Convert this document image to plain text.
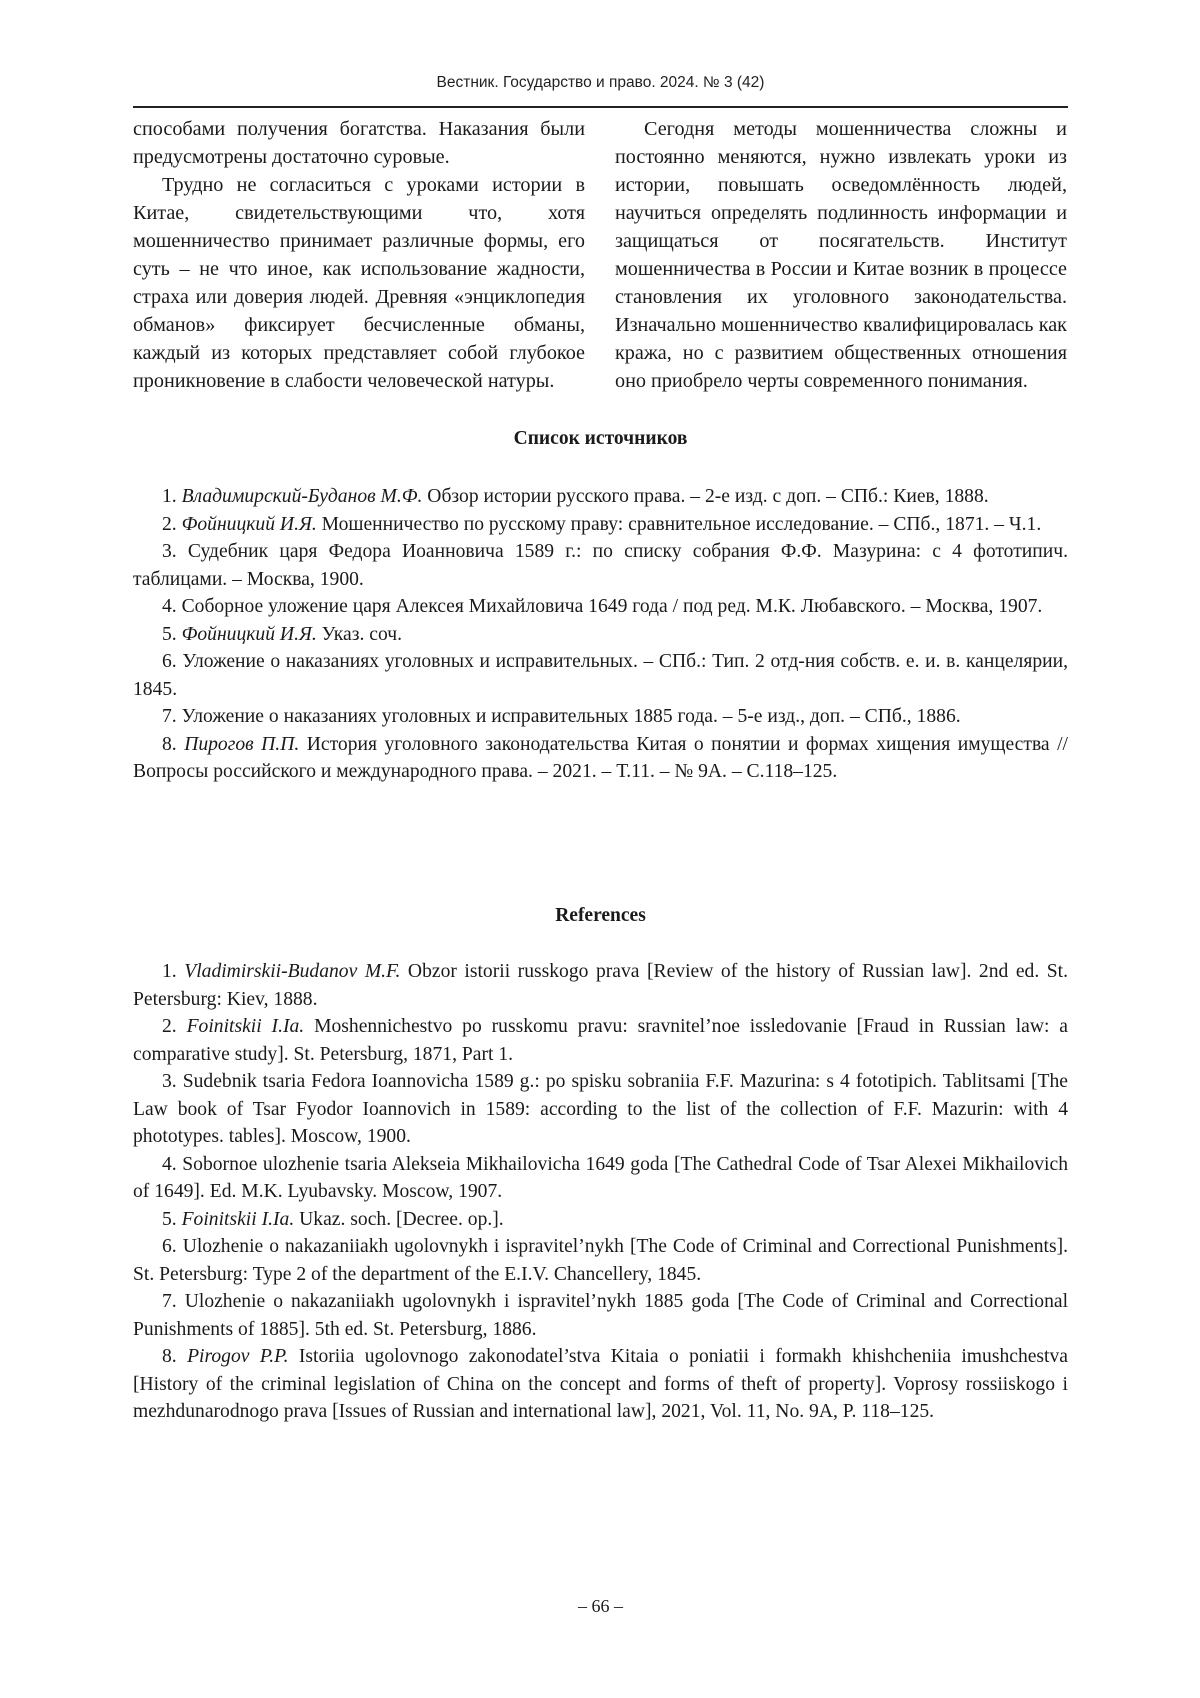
Вестник. Государство и право. 2024. № 3 (42)

способами получения богатства. Наказания были предусмотрены достаточно суровые.

Трудно не согласиться с уроками истории в Китае, свидетельствующими что, хотя мошенничество принимает различные формы, его суть – не что иное, как использование жадности, страха или доверия людей. Древняя «энциклопедия обманов» фиксирует бесчисленные обманы, каждый из которых представляет собой глубокое проникновение в слабости человеческой натуры.

Сегодня методы мошенничества сложны и постоянно меняются, нужно извлекать уроки из истории, повышать осведомлённость людей, научиться определять подлинность информации и защищаться от посягательств. Институт мошенничества в России и Китае возник в процессе становления их уголовного законодательства. Изначально мошенничество квалифицировалась как кража, но с развитием общественных отношения оно приобрело черты современного понимания.

Список источников

1. Владимирский-Буданов М.Ф. Обзор истории русского права. – 2-е изд. с доп. – СПб.: Киев, 1888.

2. Фойницкий И.Я. Мошенничество по русскому праву: сравнительное исследование. – СПб., 1871. – Ч.1.

3. Судебник царя Федора Иоанновича 1589 г.: по списку собрания Ф.Ф. Мазурина: с 4 фототипич. таблицами. – Москва, 1900.

4. Соборное уложение царя Алексея Михайловича 1649 года / под ред. М.К. Любавского. – Москва, 1907.

5. Фойницкий И.Я. Указ. соч.

6. Уложение о наказаниях уголовных и исправительных. – СПб.: Тип. 2 отд-ния собств. е. и. в. канцелярии, 1845.

7. Уложение о наказаниях уголовных и исправительных 1885 года. – 5-е изд., доп. – СПб., 1886.

8. Пирогов П.П. История уголовного законодательства Китая о понятии и формах хищения имущества // Вопросы российского и международного права. – 2021. – Т.11. – № 9А. – С.118–125.

References

1. Vladimirskii-Budanov M.F. Obzor istorii russkogo prava [Review of the history of Russian law]. 2nd ed. St. Petersburg: Kiev, 1888.

2. Foinitskii I.Ia. Moshennichestvo po russkomu pravu: sravnitel’noe issledovanie [Fraud in Russian law: a comparative study]. St. Petersburg, 1871, Part 1.

3. Sudebnik tsaria Fedora Ioannovicha 1589 g.: po spisku sobraniia F.F. Mazurina: s 4 fototipich. Tablitsami [The Law book of Tsar Fyodor Ioannovich in 1589: according to the list of the collection of F.F. Mazurin: with 4 phototypes. tables]. Moscow, 1900.

4. Sobornoe ulozhenie tsaria Alekseia Mikhailovicha 1649 goda [The Cathedral Code of Tsar Alexei Mikhailovich of 1649]. Ed. M.K. Lyubavsky. Moscow, 1907.

5. Foinitskii I.Ia. Ukaz. soch. [Decree. op.].

6. Ulozhenie o nakazaniiakh ugolovnykh i ispravitel’nykh [The Code of Criminal and Correctional Punishments]. St. Petersburg: Type 2 of the department of the E.I.V. Chancellery, 1845.

7. Ulozhenie o nakazaniiakh ugolovnykh i ispravitel’nykh 1885 goda [The Code of Criminal and Correctional Punishments of 1885]. 5th ed. St. Petersburg, 1886.

8. Pirogov P.P. Istoriia ugolovnogo zakonodatel’stva Kitaia o poniatii i formakh khishcheniia imushchestva [History of the criminal legislation of China on the concept and forms of theft of property]. Voprosy rossiiskogo i mezhdunarodnogo prava [Issues of Russian and international law], 2021, Vol. 11, No. 9A, P. 118–125.

– 66 –
